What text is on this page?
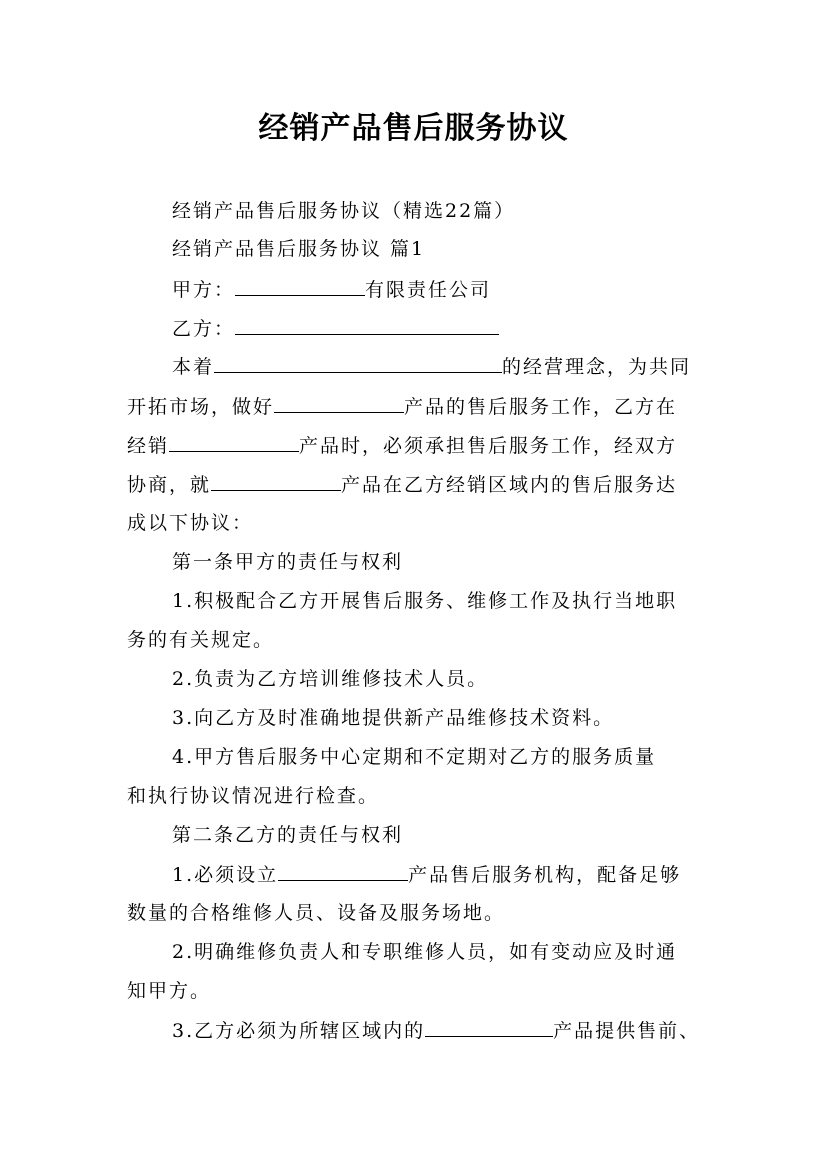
经销产品售后服务协议
经销产品售后服务协议（精选22篇）
经销产品售后服务协议 篇1
甲方：	有限责任公司
乙方：
本着	的经营理念，为共同
开拓市场，做好	产品的售后服务工作，乙方在
经销	产品时，必须承担售后服务工作，经双方
协商，就	产品在乙方经销区域内的售后服务达
成以下协议：
第一条甲方的责任与权利
1.积极配合乙方开展售后服务、维修工作及执行当地职
务的有关规定。
2.负责为乙方培训维修技术人员。
3.向乙方及时准确地提供新产品维修技术资料。
4.甲方售后服务中心定期和不定期对乙方的服务质量
和执行协议情况进行检查。
第二条乙方的责任与权利
1.必须设立	产品售后服务机构，配备足够
数量的合格维修人员、设备及服务场地。
2.明确维修负责人和专职维修人员，如有变动应及时通
知甲方。
3.乙方必须为所辖区域内的	产品提供售前、
